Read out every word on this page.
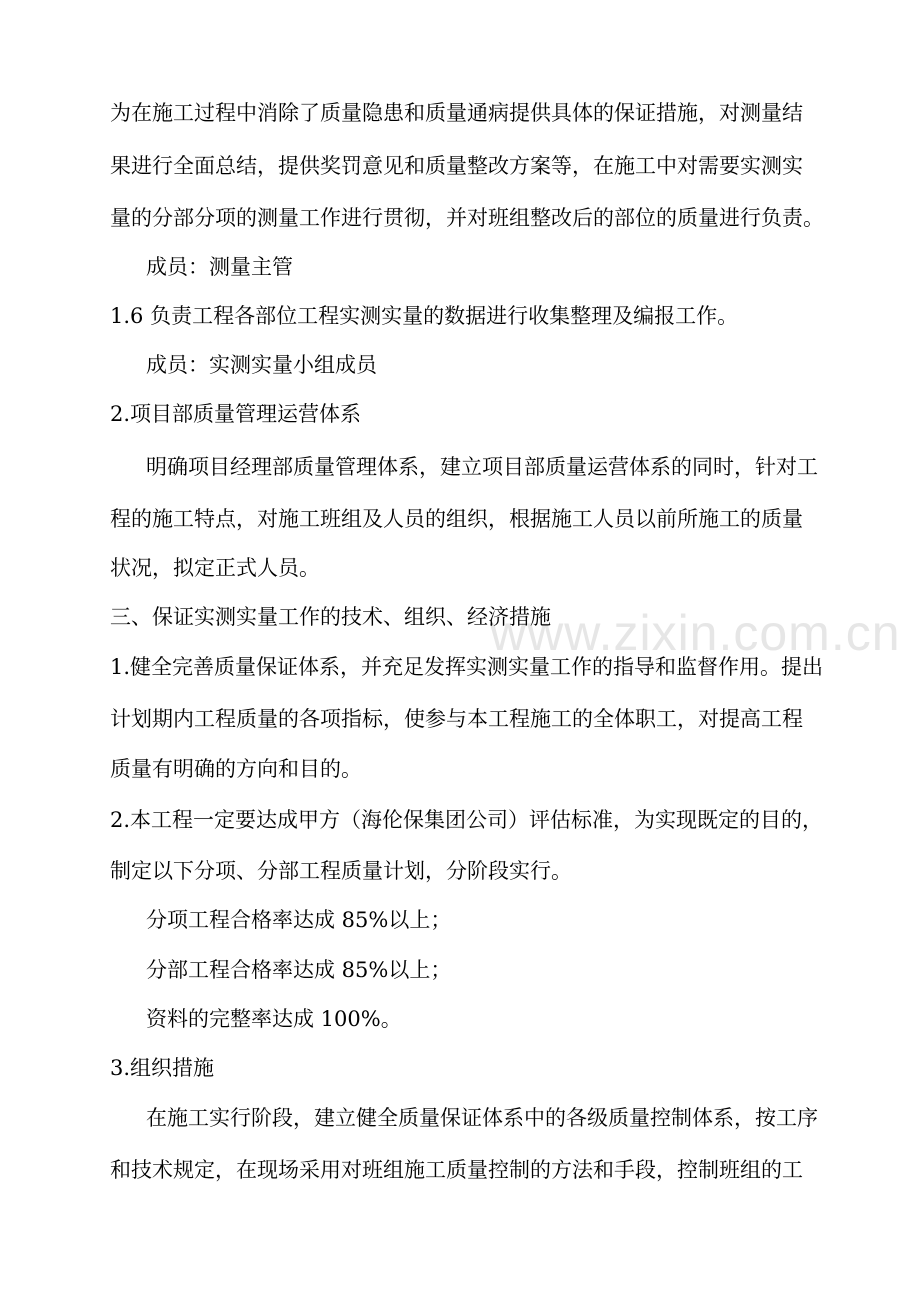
www.zixin.com.cn
为在施工过程中消除了质量隐患和质量通病提供具体的保证措施，对测量结
果进行全面总结，提供奖罚意见和质量整改方案等，在施工中对需要实测实
量的分部分项的测量工作进行贯彻，并对班组整改后的部位的质量进行负责。
成员：测量主管
1.6 负责工程各部位工程实测实量的数据进行收集整理及编报工作。
成员：实测实量小组成员
2.项目部质量管理运营体系
明确项目经理部质量管理体系，建立项目部质量运营体系的同时，针对工
程的施工特点，对施工班组及人员的组织，根据施工人员以前所施工的质量
状况，拟定正式人员。
三、保证实测实量工作的技术、组织、经济措施
1.健全完善质量保证体系，并充足发挥实测实量工作的指导和监督作用。提出
计划期内工程质量的各项指标，使参与本工程施工的全体职工，对提高工程
质量有明确的方向和目的。
2.本工程一定要达成甲方（海伦保集团公司）评估标准，为实现既定的目的，
制定以下分项、分部工程质量计划，分阶段实行。
分项工程合格率达成 85%以上；
分部工程合格率达成 85%以上；
资料的完整率达成 100%。
3.组织措施
在施工实行阶段，建立健全质量保证体系中的各级质量控制体系，按工序
和技术规定，在现场采用对班组施工质量控制的方法和手段，控制班组的工
